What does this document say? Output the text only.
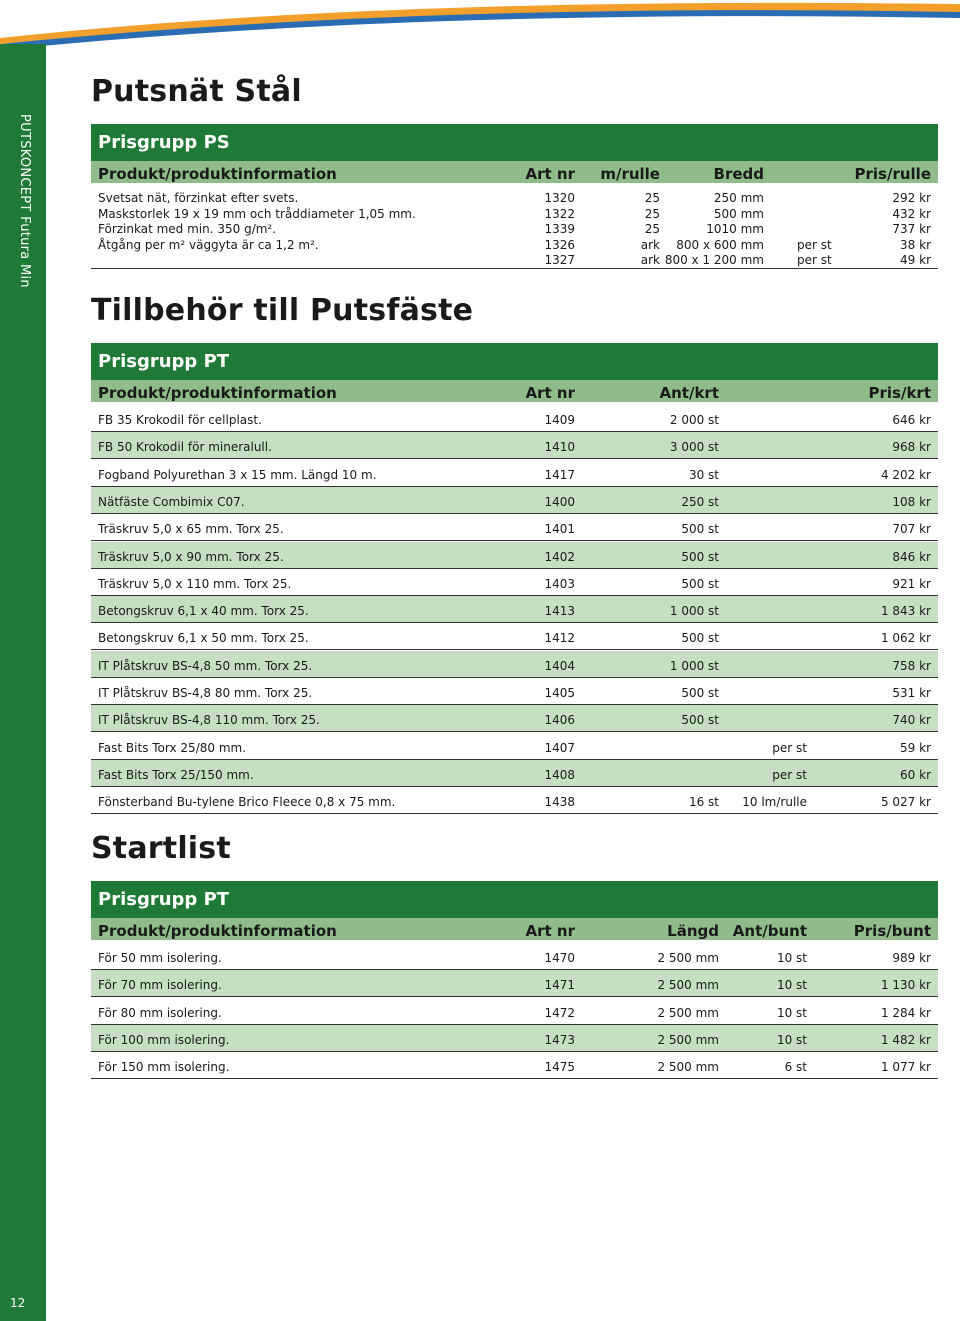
PUTSKONCEPT Futura Min
12
Putsnät Stål
Prisgrupp PS
Produkt/produktinformation	Art nr m/rulle	Bredd	Pris/rulle
Svetsat nät, förzinkat efter svets.	1320	25	250 mm	292 kr
Maskstorlek 19 x 19 mm och tråddiameter 1,05 mm.	1322	25	500 mm	432 kr
Förzinkat med min. 350 g/m².	1339	25	1010 mm	737 kr
Åtgång per m² väggyta är ca 1,2 m².	1326	ark 800 x 600 mm	per st	38 kr
1327	ark 800 x 1 200 mm	per st	49 kr
Tillbehör till Putsfäste
Prisgrupp PT
Produkt/produktinformation	Art nr	Ant/krt	Pris/krt
FB 35 Krokodil för cellplast.	1409	2 000 st	646 kr
FB 50 Krokodil för mineralull.	1410	3 000 st	968 kr
Fogband Polyurethan 3 x 15 mm. Längd 10 m.	1417	30 st	4 202 kr
Nätfäste Combimix C07.	1400	250 st	108 kr
Träskruv 5,0 x 65 mm. Torx 25.	1401	500 st	707 kr
Träskruv 5,0 x 90 mm. Torx 25.	1402	500 st	846 kr
Träskruv 5,0 x 110 mm. Torx 25.	1403	500 st	921 kr
Betongskruv 6,1 x 40 mm. Torx 25.	1413	1 000 st	1 843 kr
Betongskruv 6,1 x 50 mm. Torx 25.	1412	500 st	1 062 kr
IT Plåtskruv BS-4,8 50 mm. Torx 25.	1404	1 000 st	758 kr
IT Plåtskruv BS-4,8 80 mm. Torx 25.	1405	500 st	531 kr
IT Plåtskruv BS-4,8 110 mm. Torx 25.	1406	500 st	740 kr
Fast Bits Torx 25/80 mm.	1407	per st	59 kr
Fast Bits Torx 25/150 mm.	1408	per st	60 kr
Fönsterband Bu-tylene Brico Fleece 0,8 x 75 mm.	1438	16 st 10 lm/rulle	5 027 kr
Startlist
Prisgrupp PT
Produkt/produktinformation	Art nr	Längd Ant/bunt	Pris/bunt
För 50 mm isolering.	1470	2 500 mm	10 st	989 kr
För 70 mm isolering.	1471	2 500 mm	10 st	1 130 kr
För 80 mm isolering.	1472	2 500 mm	10 st	1 284 kr
För 100 mm isolering.	1473	2 500 mm	10 st	1 482 kr
För 150 mm isolering.	1475	2 500 mm	6 st	1 077 kr
